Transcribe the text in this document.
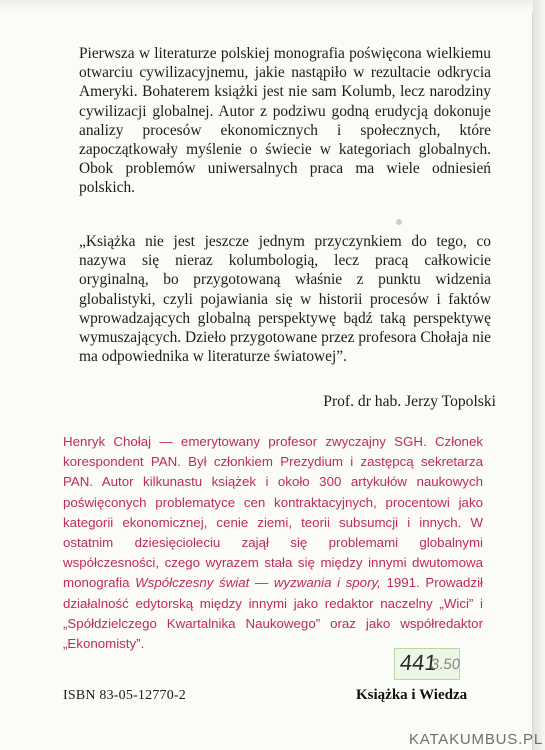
Pierwsza w literaturze polskiej monografia poświęcona wielkiemu otwarciu cywilizacyjnemu, jakie nastąpiło w rezultacie odkrycia Ameryki. Bohaterem książki jest nie sam Kolumb, lecz narodziny cywilizacji globalnej. Autor z podziwu godną erudycją dokonuje analizy procesów ekonomicznych i społecznych, które zapoczątkowały myślenie o świecie w kategoriach globalnych. Obok problemów uniwersalnych praca ma wiele odniesień polskich.

„Książka nie jest jeszcze jednym przyczynkiem do tego, co nazywa się nieraz kolumbologią, lecz pracą całkowicie oryginalną, bo przygotowaną właśnie z punktu widzenia globalistyki, czyli pojawiania się w historii procesów i faktów wprowadzających globalną perspektywę bądź taką perspektywę wymuszających. Dzieło przygotowane przez profesora Chołaja nie ma odpowiednika w literaturze światowej”.

Prof. dr hab. Jerzy Topolski

Henryk Chołaj — emerytowany profesor zwyczajny SGH. Członek korespondent PAN. Był członkiem Prezydium i zastępcą sekretarza PAN. Autor kilkunastu książek i około 300 artykułów naukowych poświęconych problematyce cen kontraktacyjnych, procentowi jako kategorii ekonomicznej, cenie ziemi, teorii subsumcji i innych. W ostatnim dziesięcioleciu zajął się problemami globalnymi współczesności, czego wyrazem stała się między innymi dwutomowa monografia Współczesny świat — wyzwania i spory, 1991. Prowadził działalność edytorską między innymi jako redaktor naczelny „Wici” i „Spółdzielczego Kwartalnika Naukowego” oraz jako współredaktor „Ekonomisty”.

441
3.50
ISBN 83-05-12770-2	Książka i Wiedza
KATAKUMBUS.PL
